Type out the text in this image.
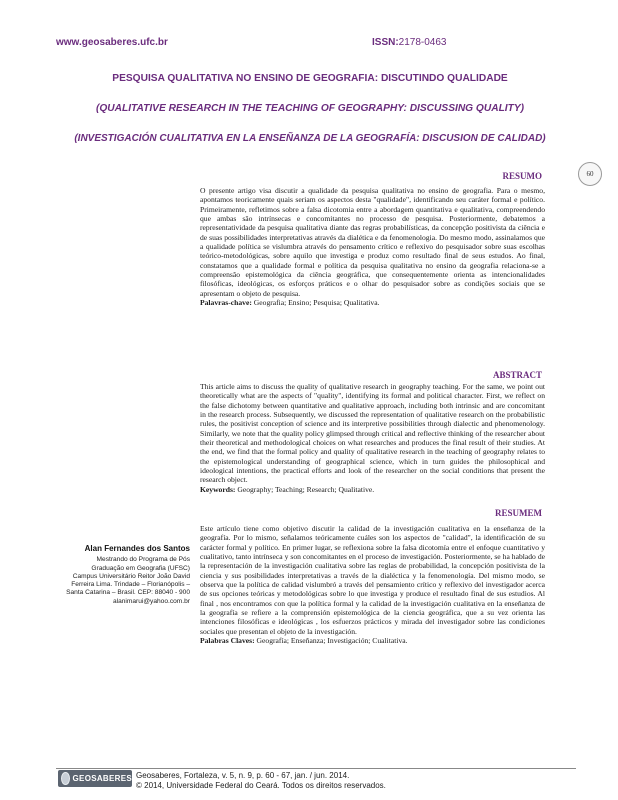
www.geosaberes.ufc.br	ISSN:2178-0463
PESQUISA QUALITATIVA NO ENSINO DE GEOGRAFIA: DISCUTINDO QUALIDADE
(QUALITATIVE RESEARCH IN THE TEACHING OF GEOGRAPHY: DISCUSSING QUALITY)
(INVESTIGACIÓN CUALITATIVA EN LA ENSEÑANZA DE LA GEOGRAFÍA: DISCUSION DE CALIDAD)
60
RESUMO
O presente artigo visa discutir a qualidade da pesquisa qualitativa no ensino de geografia. Para o mesmo, apontamos teoricamente quais seriam os aspectos desta "qualidade", identificando seu caráter formal e político. Primeiramente, refletimos sobre a falsa dicotomia entre a abordagem quantitativa e qualitativa, compreendendo que ambas são intrínsecas e concomitantes no processo de pesquisa. Posteriormente, debatemos a representatividade da pesquisa qualitativa diante das regras probabilísticas, da concepção positivista da ciência e de suas possibilidades interpretativas através da dialética e da fenomenologia. Do mesmo modo, assinalamos que a qualidade política se vislumbra através do pensamento crítico e reflexivo do pesquisador sobre suas escolhas teórico-metodológicas, sobre aquilo que investiga e produz como resultado final de seus estudos. Ao final, constatamos que a qualidade formal e política da pesquisa qualitativa no ensino da geografia relaciona-se a compreensão epistemológica da ciência geográfica, que consequentemente orienta as intencionalidades filosóficas, ideológicas, os esforços práticos e o olhar do pesquisador sobre as condições sociais que se apresentam o objeto de pesquisa.
Palavras-chave: Geografia; Ensino; Pesquisa; Qualitativa.
ABSTRACT
This article aims to discuss the quality of qualitative research in geography teaching. For the same, we point out theoretically what are the aspects of "quality", identifying its formal and political character. First, we reflect on the false dichotomy between quantitative and qualitative approach, including both intrinsic and are concomitant in the research process. Subsequently, we discussed the representation of qualitative research on the probabilistic rules, the positivist conception of science and its interpretive possibilities through dialectic and phenomenology. Similarly, we note that the quality policy glimpsed through critical and reflective thinking of the researcher about their theoretical and methodological choices on what researches and produces the final result of their studies. At the end, we find that the formal policy and quality of qualitative research in the teaching of geography relates to the epistemological understanding of geographical science, which in turn guides the philosophical and ideological intentions, the practical efforts and look of the researcher on the social conditions that present the research object.
Keywords: Geography; Teaching; Research; Qualitative.
RESUMEM
Este artículo tiene como objetivo discutir la calidad de la investigación cualitativa en la enseñanza de la geografía. Por lo mismo, señalamos teóricamente cuáles son los aspectos de "calidad", la identificación de su carácter formal y político. En primer lugar, se reflexiona sobre la falsa dicotomía entre el enfoque cuantitativo y cualitativo, tanto intrínseca y son concomitantes en el proceso de investigación. Posteriormente, se ha hablado de la representación de la investigación cualitativa sobre las reglas de probabilidad, la concepción positivista de la ciencia y sus posibilidades interpretativas a través de la dialéctica y la fenomenología. Del mismo modo, se observa que la política de calidad vislumbró a través del pensamiento crítico y reflexivo del investigador acerca de sus opciones teóricas y metodológicas sobre lo que investiga y produce el resultado final de sus estudios. Al final , nos encontramos con que la política formal y la calidad de la investigación cualitativa en la enseñanza de la geografía se refiere a la comprensión epistemológica de la ciencia geográfica, que a su vez orienta las intenciones filosóficas e ideológicas , los esfuerzos prácticos y mirada del investigador sobre las condiciones sociales que presentan el objeto de la investigación.
Palabras Claves: Geografía; Enseñanza; Investigación; Cualitativa.
Alan Fernandes dos Santos
Mestrando do Programa de Pós
Graduação em Geografia (UFSC)
Campus Universitário Reitor João David
Ferreira Lima. Trindade – Florianópolis –
Santa Catarina – Brasil. CEP: 88040 - 900
alanimarui@yahoo.com.br
GEOSABERES Geosaberes, Fortaleza, v. 5, n. 9, p. 60 - 67, jan. / jun. 2014.
© 2014, Universidade Federal do Ceará. Todos os direitos reservados.
